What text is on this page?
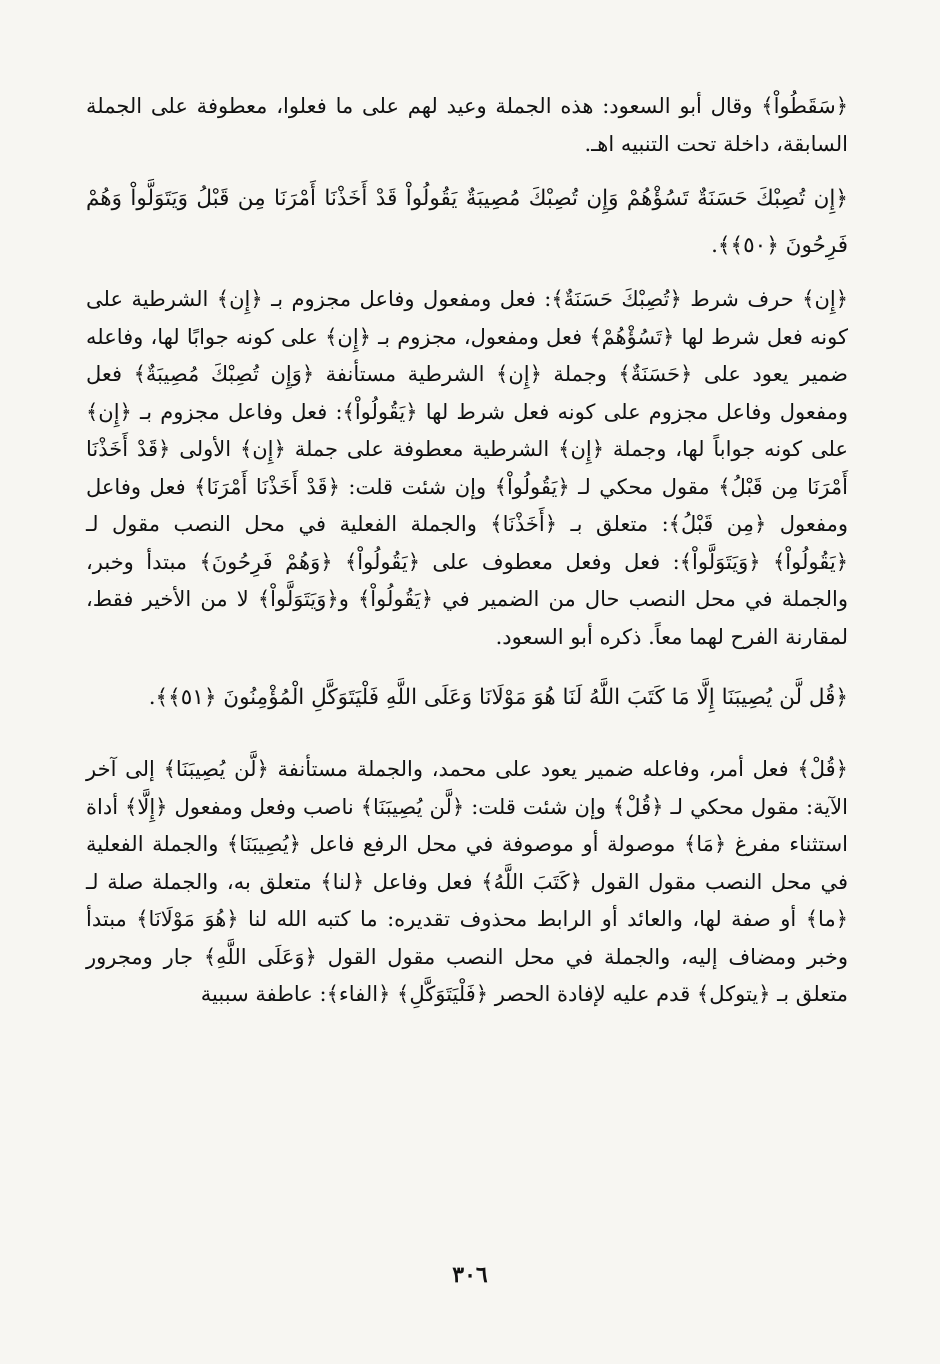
﴿سَقَطُواْ﴾ وقال أبو السعود: هذه الجملة وعيد لهم على ما فعلوا، معطوفة على الجملة السابقة، داخلة تحت التنبيه اهـ.

﴿إِن تُصِبْكَ حَسَنَةٌ تَسُؤْهُمْ وَإِن تُصِبْكَ مُصِيبَةٌ يَقُولُواْ قَدْ أَخَذْنَا أَمْرَنَا مِن قَبْلُ وَيَتَوَلَّواْ وَهُمْ فَرِحُونَ ﴿٥٠﴾﴾.

﴿إِن﴾ حرف شرط ﴿تُصِبْكَ حَسَنَةٌ﴾: فعل ومفعول وفاعل مجزوم بـ ﴿إِن﴾ الشرطية على كونه فعل شرط لها ﴿تَسُؤْهُمْ﴾ فعل ومفعول، مجزوم بـ ﴿إِن﴾ على كونه جوابًا لها، وفاعله ضمير يعود على ﴿حَسَنَةٌ﴾ وجملة ﴿إِن﴾ الشرطية مستأنفة ﴿وَإِن تُصِبْكَ مُصِيبَةٌ﴾ فعل ومفعول وفاعل مجزوم على كونه فعل شرط لها ﴿يَقُولُواْ﴾: فعل وفاعل مجزوم بـ ﴿إِن﴾ على كونه جواباً لها، وجملة ﴿إِن﴾ الشرطية معطوفة على جملة ﴿إِن﴾ الأولى ﴿قَدْ أَخَذْنَا أَمْرَنَا مِن قَبْلُ﴾ مقول محكي لـ ﴿يَقُولُواْ﴾ وإن شئت قلت: ﴿قَدْ أَخَذْنَا أَمْرَنَا﴾ فعل وفاعل ومفعول ﴿مِن قَبْلُ﴾: متعلق بـ ﴿أَخَذْنَا﴾ والجملة الفعلية في محل النصب مقول لـ ﴿يَقُولُواْ﴾ ﴿وَيَتَوَلَّواْ﴾: فعل وفعل معطوف على ﴿يَقُولُواْ﴾ ﴿وَهُمْ فَرِحُونَ﴾ مبتدأ وخبر، والجملة في محل النصب حال من الضمير في ﴿يَقُولُواْ﴾ و﴿وَيَتَوَلَّواْ﴾ لا من الأخير فقط، لمقارنة الفرح لهما معاً. ذكره أبو السعود.

﴿قُل لَّن يُصِيبَنَا إِلَّا مَا كَتَبَ اللَّهُ لَنَا هُوَ مَوْلَانَا وَعَلَى اللَّهِ فَلْيَتَوَكَّلِ الْمُؤْمِنُونَ ﴿٥١﴾﴾.

﴿قُلْ﴾ فعل أمر، وفاعله ضمير يعود على محمد، والجملة مستأنفة ﴿لَّن يُصِيبَنَا﴾ إلى آخر الآية: مقول محكي لـ ﴿قُلْ﴾ وإن شئت قلت: ﴿لَّن يُصِيبَنَا﴾ ناصب وفعل ومفعول ﴿إِلَّا﴾ أداة استثناء مفرغ ﴿مَا﴾ موصولة أو موصوفة في محل الرفع فاعل ﴿يُصِيبَنَا﴾ والجملة الفعلية في محل النصب مقول القول ﴿كَتَبَ اللَّهُ﴾ فعل وفاعل ﴿لنا﴾ متعلق به، والجملة صلة لـ ﴿ما﴾ أو صفة لها، والعائد أو الرابط محذوف تقديره: ما كتبه الله لنا ﴿هُوَ مَوْلَانَا﴾ مبتدأ وخبر ومضاف إليه، والجملة في محل النصب مقول القول ﴿وَعَلَى اللَّهِ﴾ جار ومجرور متعلق بـ ﴿يتوكل﴾ قدم عليه لإفادة الحصر ﴿فَلْيَتَوَكَّلِ﴾ ﴿الفاء﴾: عاطفة سببية

٣٠٦
